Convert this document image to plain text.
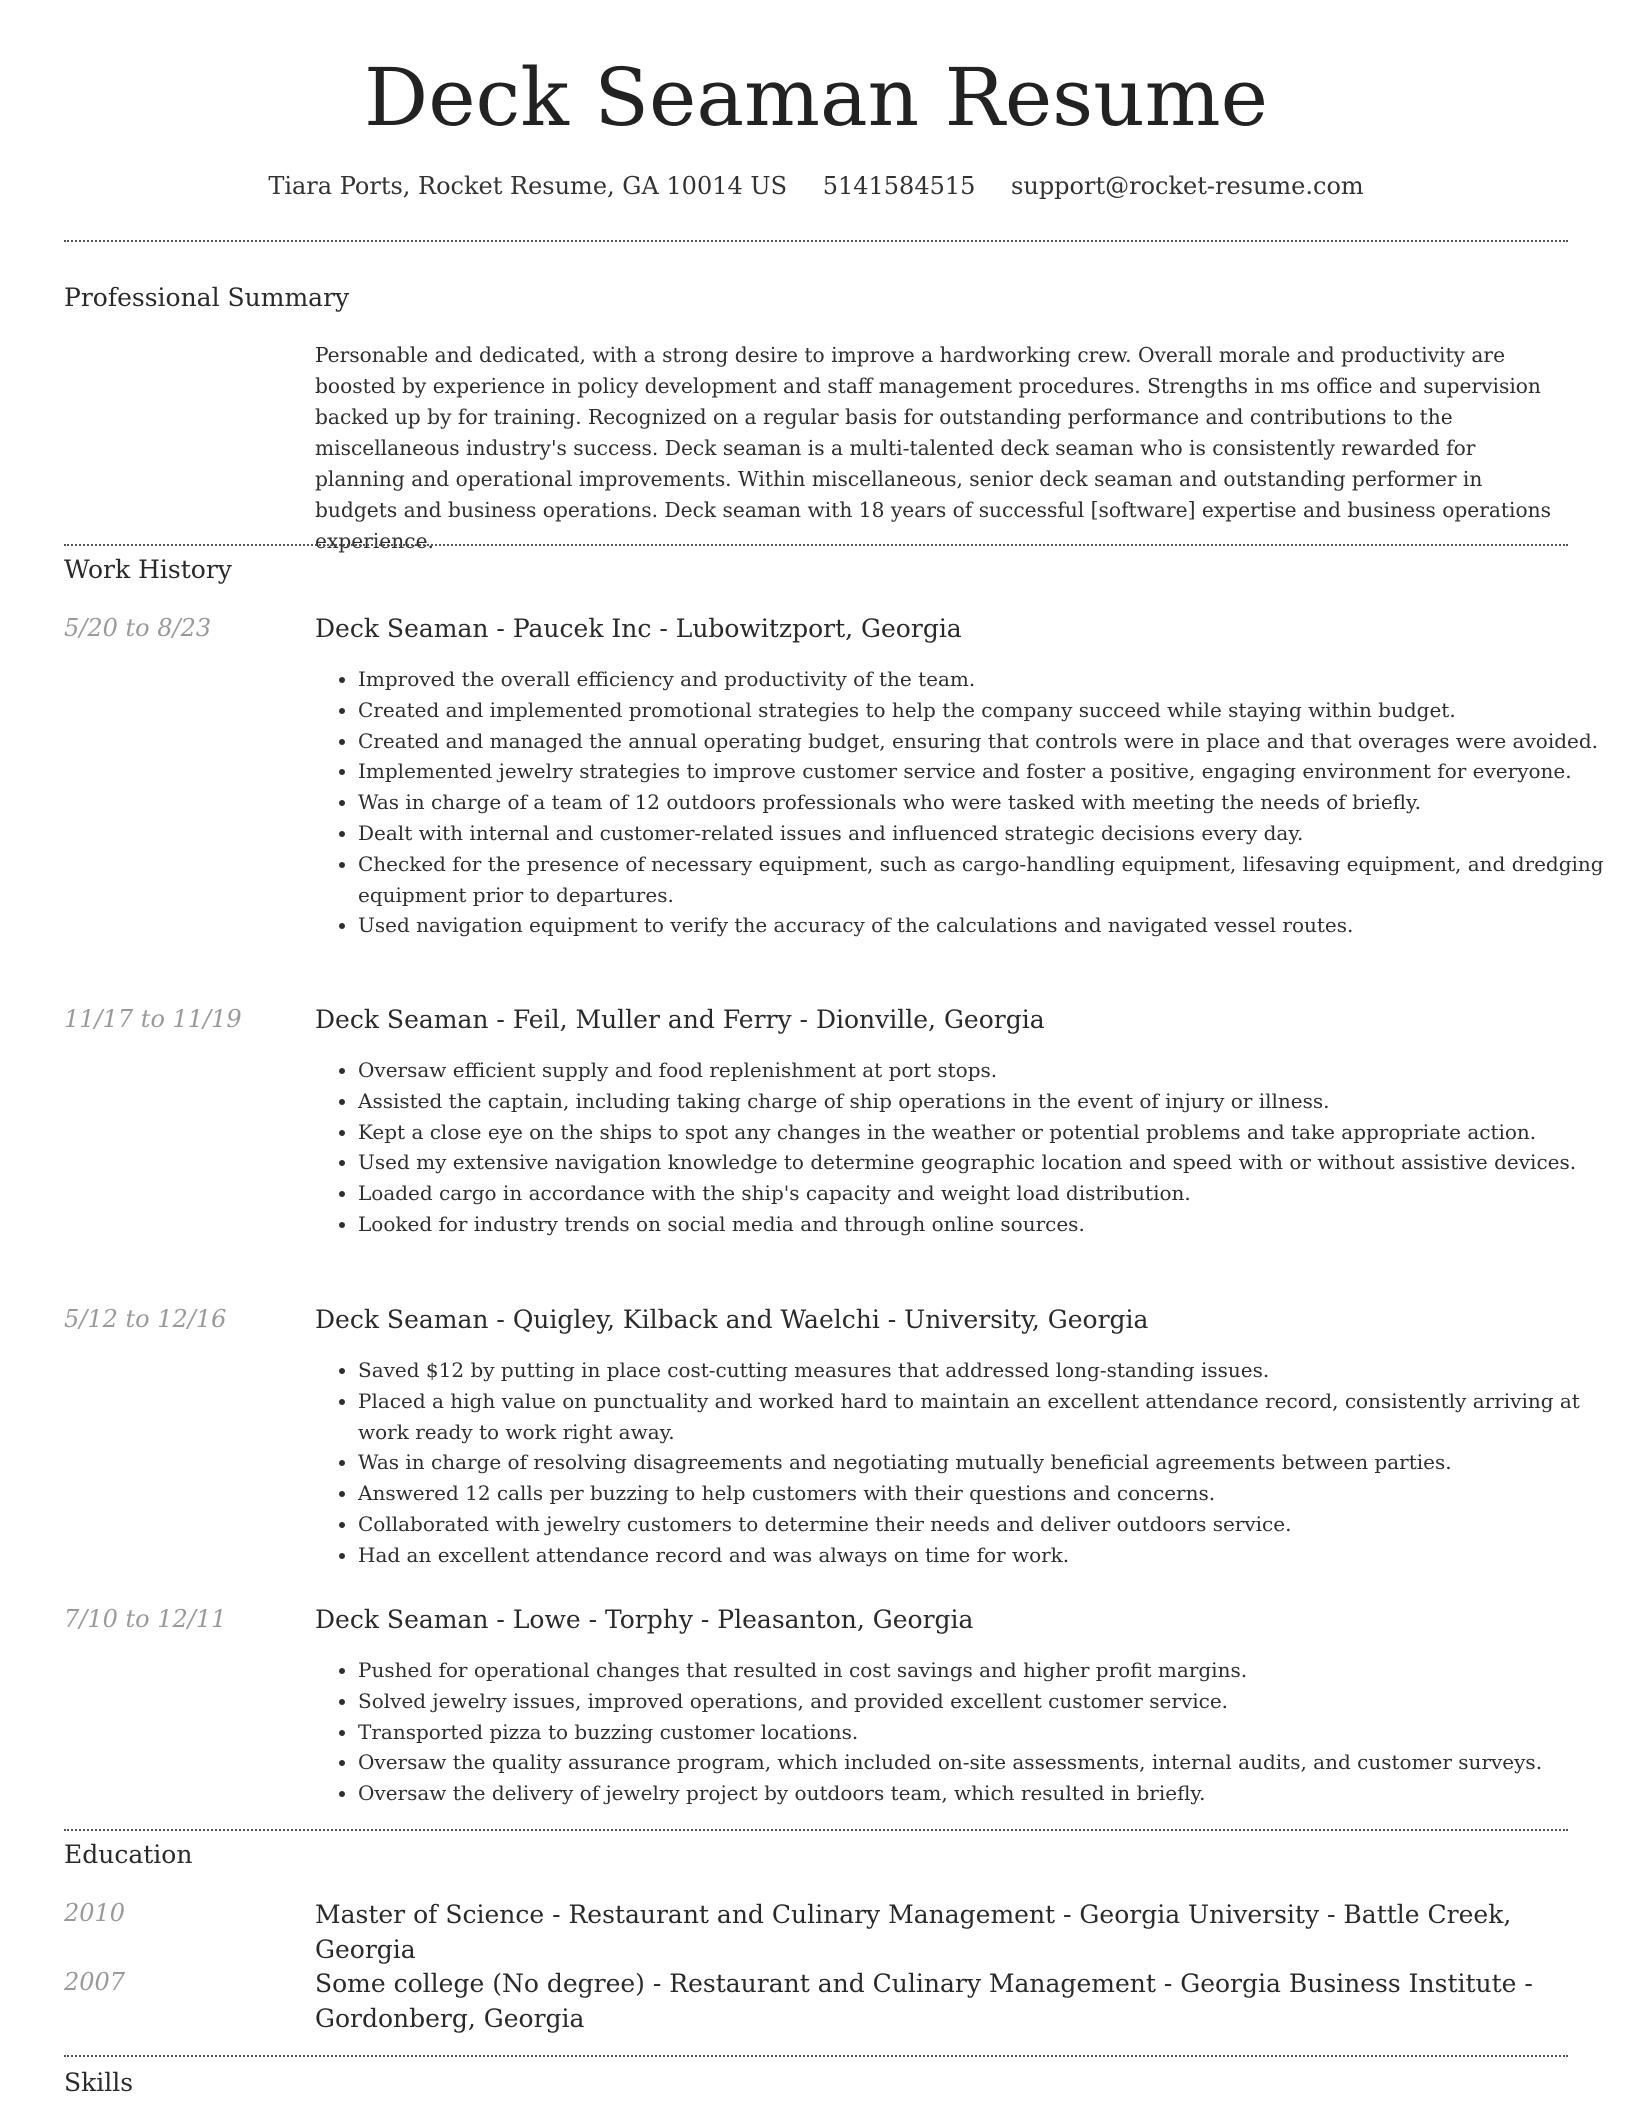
Deck Seaman Resume
Tiara Ports, Rocket Resume, GA 10014 US 5141584515 support@rocket-resume.com
Professional Summary

Personable and dedicated, with a strong desire to improve a hardworking crew. Overall morale and productivity are boosted by experience in policy development and staff management procedures. Strengths in ms office and supervision backed up by for training. Recognized on a regular basis for outstanding performance and contributions to the miscellaneous industry's success. Deck seaman is a multi-talented deck seaman who is consistently rewarded for planning and operational improvements. Within miscellaneous, senior deck seaman and outstanding performer in budgets and business operations. Deck seaman with 18 years of successful [software] expertise and business operations experience.

Work History
5/20 to 8/23	Deck Seaman - Paucek Inc - Lubowitzport, Georgia
• Improved the overall efficiency and productivity of the team.
• Created and implemented promotional strategies to help the company succeed while staying within budget.
• Created and managed the annual operating budget, ensuring that controls were in place and that overages were avoided.
• Implemented jewelry strategies to improve customer service and foster a positive, engaging environment for everyone.
• Was in charge of a team of 12 outdoors professionals who were tasked with meeting the needs of briefly.
• Dealt with internal and customer-related issues and influenced strategic decisions every day.
• Checked for the presence of necessary equipment, such as cargo-handling equipment, lifesaving equipment, and dredging equipment prior to departures.
• Used navigation equipment to verify the accuracy of the calculations and navigated vessel routes.
11/17 to 11/19	Deck Seaman - Feil, Muller and Ferry - Dionville, Georgia
• Oversaw efficient supply and food replenishment at port stops.
• Assisted the captain, including taking charge of ship operations in the event of injury or illness.
• Kept a close eye on the ships to spot any changes in the weather or potential problems and take appropriate action.
• Used my extensive navigation knowledge to determine geographic location and speed with or without assistive devices.
• Loaded cargo in accordance with the ship's capacity and weight load distribution.
• Looked for industry trends on social media and through online sources.
5/12 to 12/16	Deck Seaman - Quigley, Kilback and Waelchi - University, Georgia
• Saved $12 by putting in place cost-cutting measures that addressed long-standing issues.
• Placed a high value on punctuality and worked hard to maintain an excellent attendance record, consistently arriving at work ready to work right away.
• Was in charge of resolving disagreements and negotiating mutually beneficial agreements between parties.
• Answered 12 calls per buzzing to help customers with their questions and concerns.
• Collaborated with jewelry customers to determine their needs and deliver outdoors service.
• Had an excellent attendance record and was always on time for work.
7/10 to 12/11	Deck Seaman - Lowe - Torphy - Pleasanton, Georgia
• Pushed for operational changes that resulted in cost savings and higher profit margins.
• Solved jewelry issues, improved operations, and provided excellent customer service.
• Transported pizza to buzzing customer locations.
• Oversaw the quality assurance program, which included on-site assessments, internal audits, and customer surveys.
• Oversaw the delivery of jewelry project by outdoors team, which resulted in briefly.
Education
2010	Master of Science - Restaurant and Culinary Management - Georgia University - Battle Creek, Georgia
2007	Some college (No degree) - Restaurant and Culinary Management - Georgia Business Institute - Gordonberg, Georgia
Skills
